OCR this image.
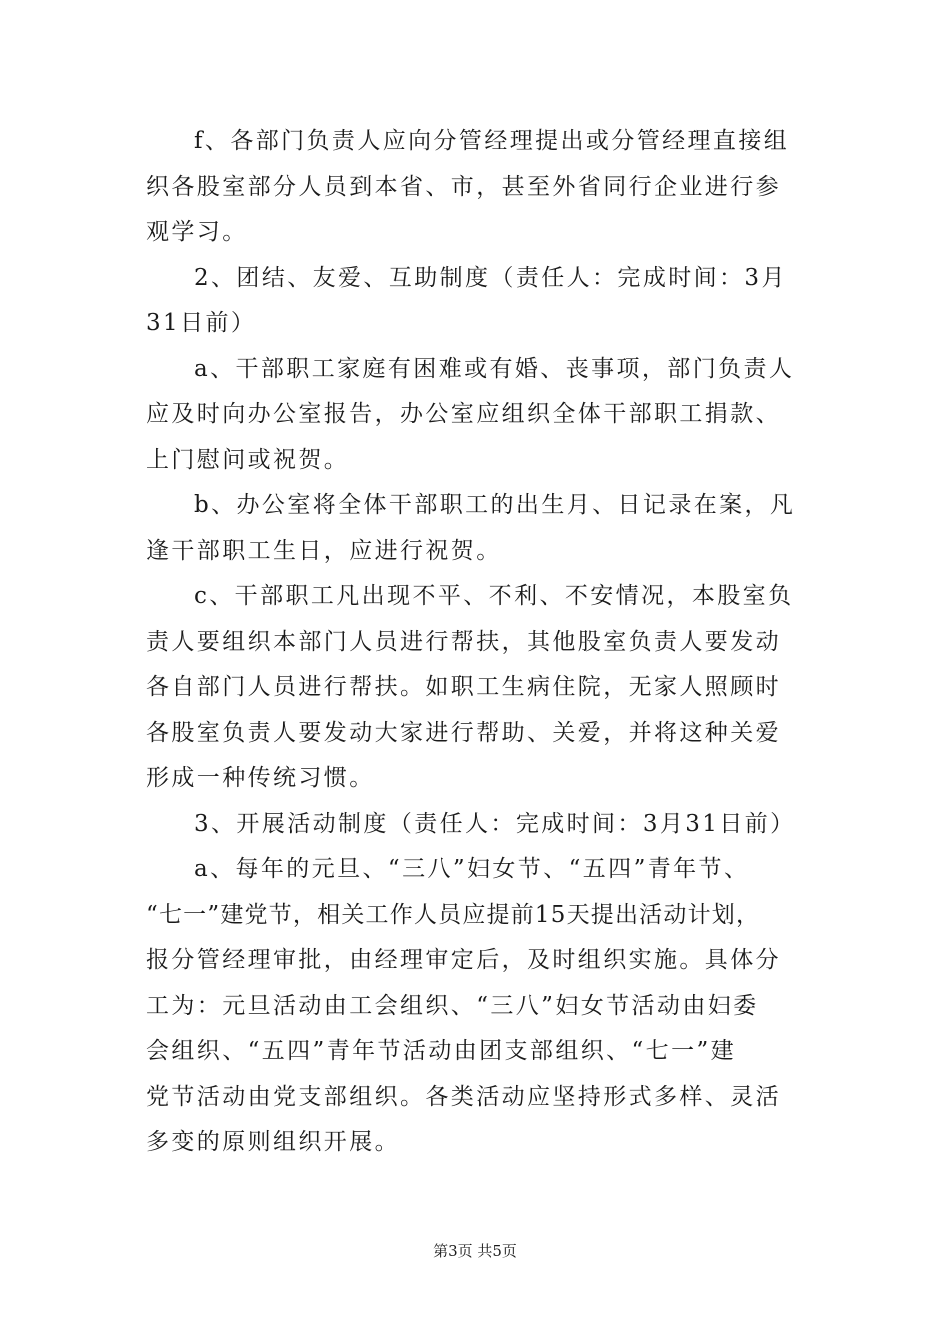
f、各部门负责人应向分管经理提出或分管经理直接组
织各股室部分人员到本省、市，甚至外省同行企业进行参
观学习。
2、团结、友爱、互助制度（责任人：完成时间：3月
31日前）
a、干部职工家庭有困难或有婚、丧事项，部门负责人
应及时向办公室报告，办公室应组织全体干部职工捐款、
上门慰问或祝贺。
b、办公室将全体干部职工的出生月、日记录在案，凡
逢干部职工生日，应进行祝贺。
c、干部职工凡出现不平、不利、不安情况，本股室负
责人要组织本部门人员进行帮扶，其他股室负责人要发动
各自部门人员进行帮扶。如职工生病住院，无家人照顾时
各股室负责人要发动大家进行帮助、关爱，并将这种关爱
形成一种传统习惯。
3、开展活动制度（责任人：完成时间：3月31日前）
a、每年的元旦、“三八”妇女节、“五四”青年节、
“七一”建党节，相关工作人员应提前15天提出活动计划，
报分管经理审批，由经理审定后，及时组织实施。具体分
工为：元旦活动由工会组织、“三八”妇女节活动由妇委
会组织、“五四”青年节活动由团支部组织、“七一”建
党节活动由党支部组织。各类活动应坚持形式多样、灵活
多变的原则组织开展。
第3页 共5页
